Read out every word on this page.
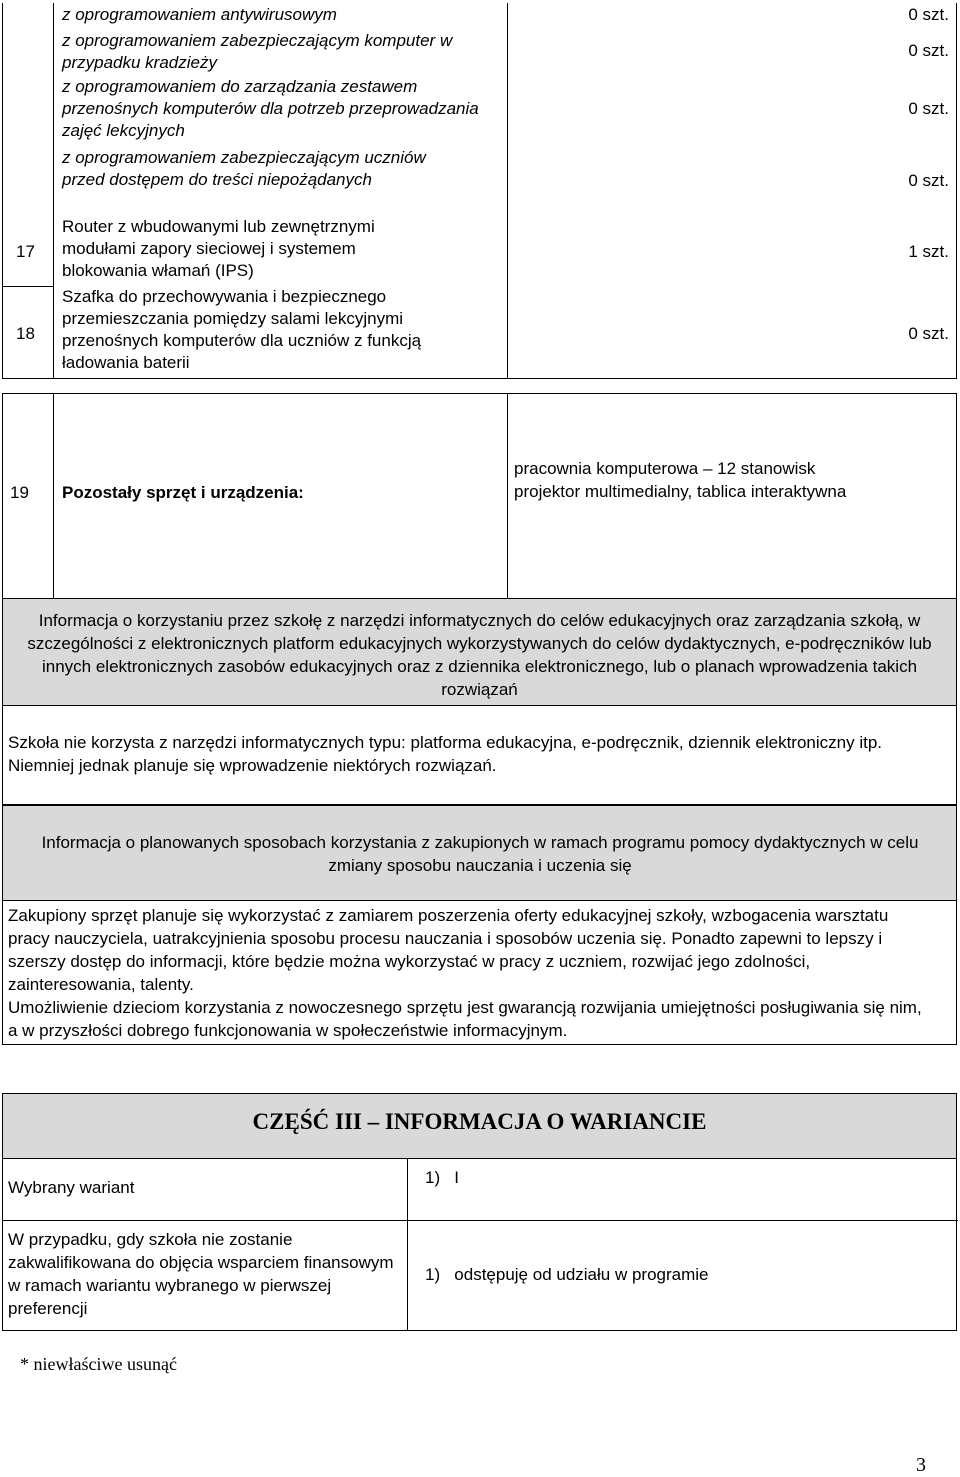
z oprogramowaniem antywirusowym
z oprogramowaniem zabezpieczającym komputer w przypadku kradzieży
z oprogramowaniem do zarządzania zestawem przenośnych komputerów dla potrzeb przeprowadzania zajęć lekcyjnych
z oprogramowaniem zabezpieczającym uczniów przed dostępem do treści niepożądanych
Router z wbudowanymi lub zewnętrznymi modułami zapory sieciowej i systemem blokowania włamań (IPS)
Szafka do przechowywania i bezpiecznego przemieszczania pomiędzy salami lekcyjnymi przenośnych komputerów dla uczniów z funkcją ładowania baterii
17
18
0 szt.
0 szt.
0 szt.
0 szt.
1 szt.
0 szt.
19 Pozostały sprzęt i urządzenia:
pracownia komputerowa – 12 stanowisk
projektor multimedialny, tablica interaktywna
Informacja o korzystaniu przez szkołę z narzędzi informatycznych do celów edukacyjnych oraz zarządzania szkołą, w szczególności z elektronicznych platform edukacyjnych wykorzystywanych do celów dydaktycznych, e-podręczników lub innych elektronicznych zasobów edukacyjnych oraz z dziennika elektronicznego, lub o planach wprowadzenia takich rozwiązań
Szkoła nie korzysta z narzędzi informatycznych typu: platforma edukacyjna, e-podręcznik, dziennik elektroniczny itp. Niemniej jednak planuje się wprowadzenie niektórych rozwiązań.
Informacja o planowanych sposobach korzystania z zakupionych w ramach programu pomocy dydaktycznych w celu zmiany sposobu nauczania i uczenia się
Zakupiony sprzęt planuje się wykorzystać z zamiarem poszerzenia oferty edukacyjnej szkoły, wzbogacenia warsztatu pracy nauczyciela, uatrakcyjnienia sposobu procesu nauczania i sposobów uczenia się. Ponadto zapewni to lepszy i szerszy dostęp do informacji, które będzie można wykorzystać w pracy z uczniem, rozwijać jego zdolności, zainteresowania, talenty.
Umożliwienie dzieciom korzystania z nowoczesnego sprzętu jest gwarancją rozwijania umiejętności posługiwania się nim, a w przyszłości dobrego funkcjonowania w społeczeństwie informacyjnym.
CZĘŚĆ III – INFORMACJA O WARIANCIE
Wybrany wariant
1)   I
W przypadku, gdy szkoła nie zostanie zakwalifikowana do objęcia wsparciem finansowym w ramach wariantu wybranego w pierwszej preferencji
1)   odstępuję od udziału w programie
* niewłaściwe usunąć
3
